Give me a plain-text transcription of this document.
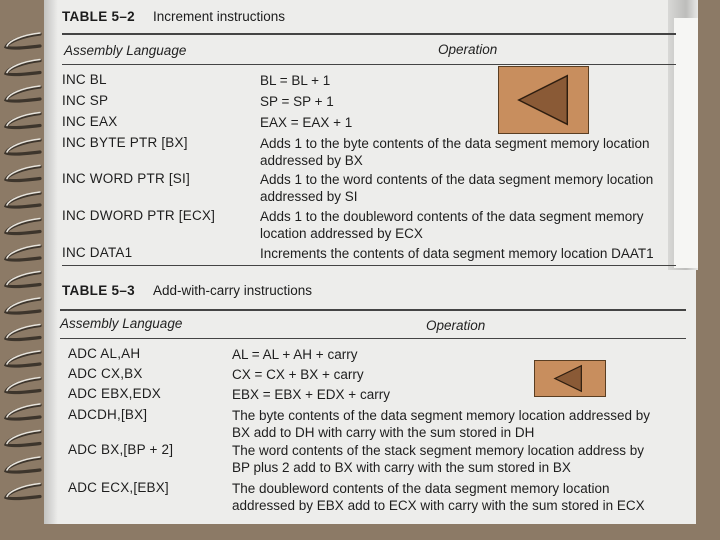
TABLE 5–2 Increment instructions
Assembly Language	Operation
INC BL	BL = BL + 1
INC SP	SP = SP + 1
INC EAX	EAX = EAX + 1
INC BYTE PTR [BX]	Adds 1 to the byte contents of the data segment memory location
addressed by BX
INC WORD PTR [SI]	Adds 1 to the word contents of the data segment memory location
addressed by SI
INC DWORD PTR [ECX]	Adds 1 to the doubleword contents of the data segment memory
location addressed by ECX
INC DATA1	Increments the contents of data segment memory location DAAT1
TABLE 5–3 Add-with-carry instructions
Assembly Language	Operation
ADC AL,AH	AL = AL + AH + carry
ADC CX,BX	CX = CX + BX + carry
ADC EBX,EDX	EBX = EBX + EDX + carry
ADCDH,[BX]	The byte contents of the data segment memory location addressed by
BX add to DH with carry with the sum stored in DH
ADC BX,[BP + 2]	The word contents of the stack segment memory location address by
BP plus 2 add to BX with carry with the sum stored in BX
ADC ECX,[EBX]	The doubleword contents of the data segment memory location
addressed by EBX add to ECX with carry with the sum stored in ECX
